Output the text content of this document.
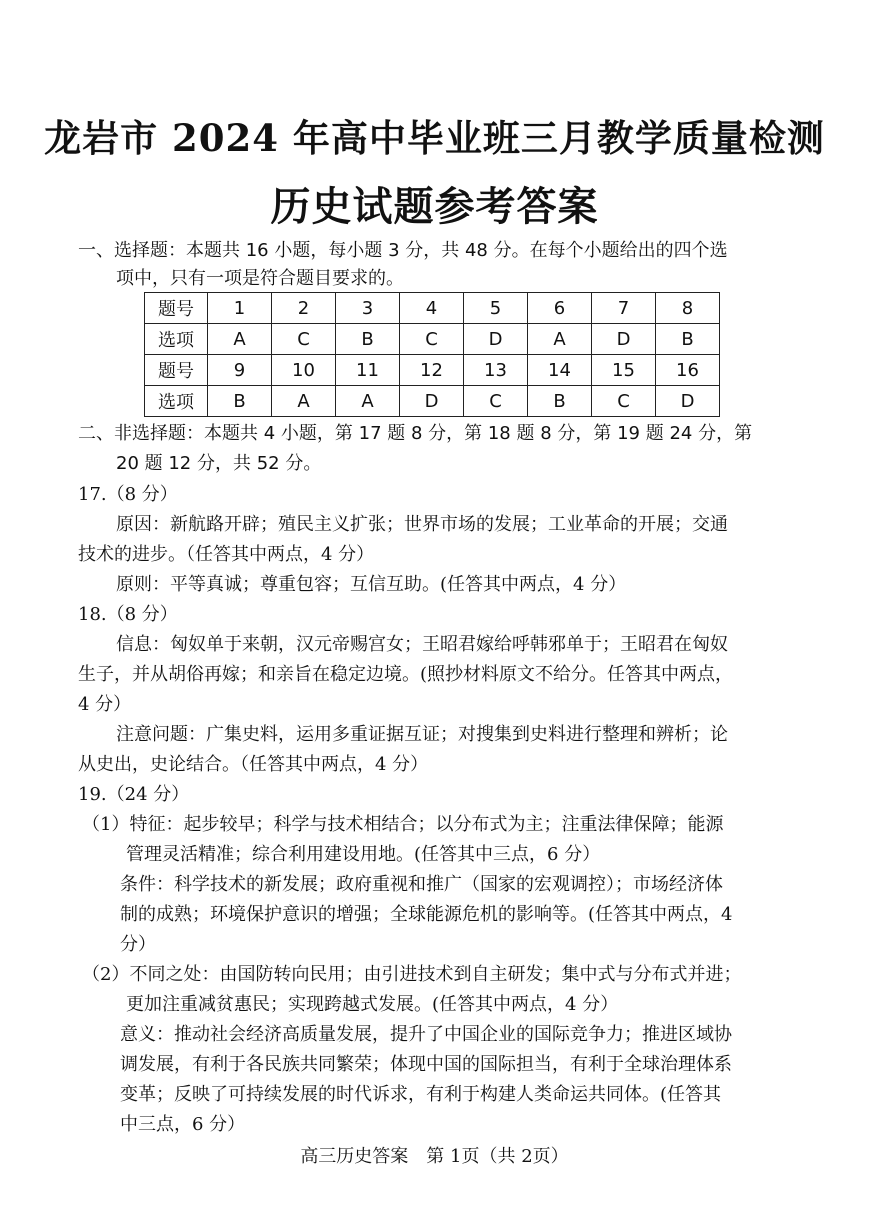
龙岩市 2024 年高中毕业班三月教学质量检测
历史试题参考答案
一、选择题：本题共 16 小题，每小题 3 分，共 48 分。在每个小题给出的四个选
项中，只有一项是符合题目要求的。
题号	1	2	3	4	5	6	7	8
选项	A	C	B	C	D	A	D	B
题号	9	10	11	12	13	14	15	16
选项	B	A	A	D	C	B	C	D
二、非选择题：本题共 4 小题，第 17 题 8 分，第 18 题 8 分，第 19 题 24 分，第
20 题 12 分，共 52 分。
17.（8 分）
原因：新航路开辟；殖民主义扩张；世界市场的发展；工业革命的开展；交通
技术的进步。（任答其中两点，4 分）
原则：平等真诚；尊重包容；互信互助。(任答其中两点，4 分）
18.（8 分）
信息：匈奴单于来朝，汉元帝赐宫女；王昭君嫁给呼韩邪单于；王昭君在匈奴
生子，并从胡俗再嫁；和亲旨在稳定边境。(照抄材料原文不给分。任答其中两点，
4 分）
注意问题：广集史料，运用多重证据互证；对搜集到史料进行整理和辨析；论
从史出，史论结合。（任答其中两点，4 分）
19.（24 分）
（1）特征：起步较早；科学与技术相结合；以分布式为主；注重法律保障；能源
管理灵活精准；综合利用建设用地。(任答其中三点，6 分）
条件：科学技术的新发展；政府重视和推广（国家的宏观调控）；市场经济体
制的成熟；环境保护意识的增强；全球能源危机的影响等。(任答其中两点，4
分）
（2）不同之处：由国防转向民用；由引进技术到自主研发；集中式与分布式并进；
更加注重减贫惠民；实现跨越式发展。(任答其中两点，4 分）
意义：推动社会经济高质量发展，提升了中国企业的国际竞争力；推进区域协
调发展，有利于各民族共同繁荣；体现中国的国际担当，有利于全球治理体系
变革；反映了可持续发展的时代诉求，有利于构建人类命运共同体。(任答其
中三点，6 分）
高三历史答案　第 1页（共 2页）
